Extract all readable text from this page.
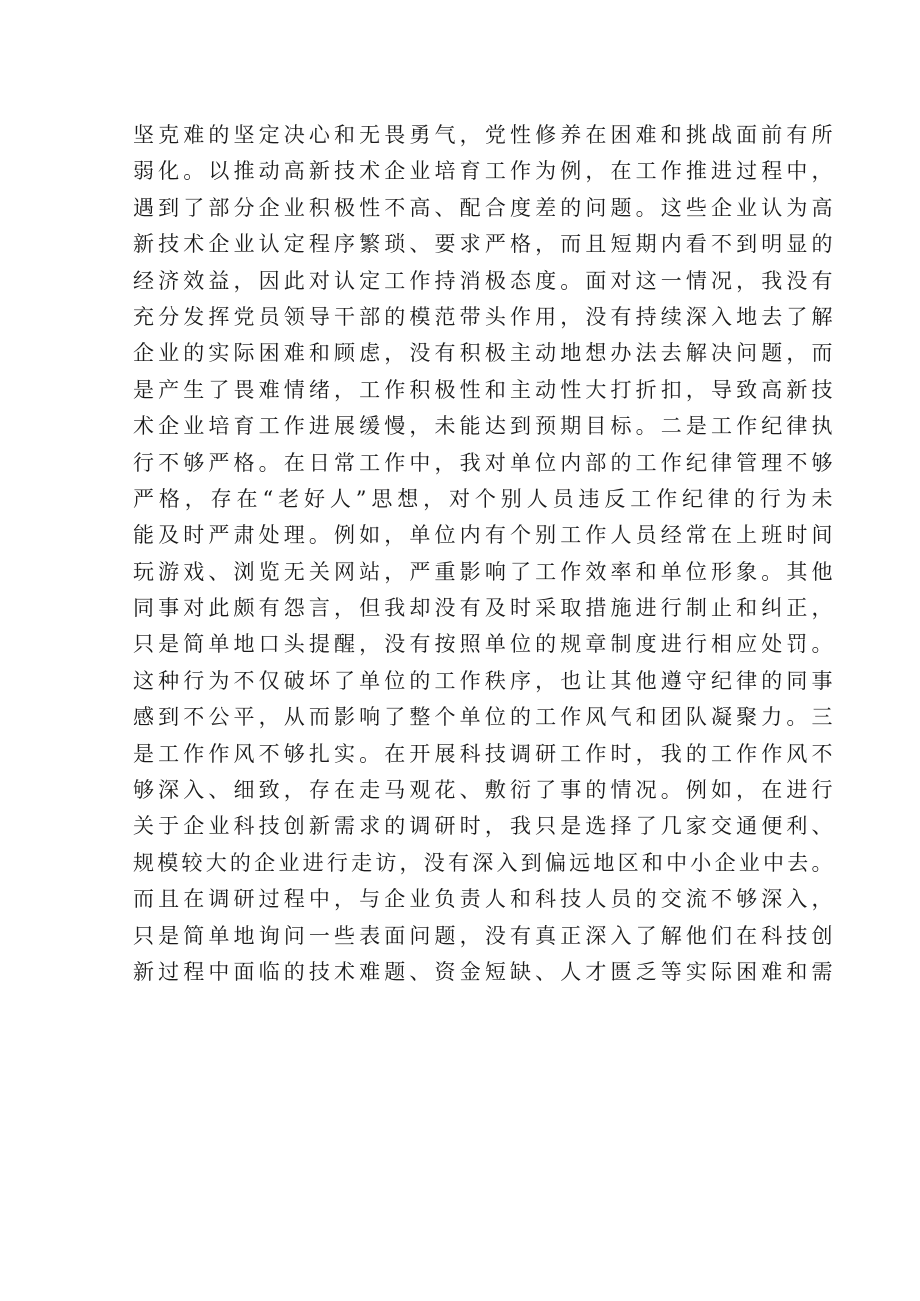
坚克难的坚定决心和无畏勇气，党性修养在困难和挑战面前有所
弱化。以推动高新技术企业培育工作为例，在工作推进过程中，
遇到了部分企业积极性不高、配合度差的问题。这些企业认为高
新技术企业认定程序繁琐、要求严格，而且短期内看不到明显的
经济效益，因此对认定工作持消极态度。面对这一情况，我没有
充分发挥党员领导干部的模范带头作用，没有持续深入地去了解
企业的实际困难和顾虑，没有积极主动地想办法去解决问题，而
是产生了畏难情绪，工作积极性和主动性大打折扣，导致高新技
术企业培育工作进展缓慢，未能达到预期目标。二是工作纪律执
行不够严格。在日常工作中，我对单位内部的工作纪律管理不够
严格，存在“老好人”思想，对个别人员违反工作纪律的行为未
能及时严肃处理。例如，单位内有个别工作人员经常在上班时间
玩游戏、浏览无关网站，严重影响了工作效率和单位形象。其他
同事对此颇有怨言，但我却没有及时采取措施进行制止和纠正，
只是简单地口头提醒，没有按照单位的规章制度进行相应处罚。
这种行为不仅破坏了单位的工作秩序，也让其他遵守纪律的同事
感到不公平，从而影响了整个单位的工作风气和团队凝聚力。三
是工作作风不够扎实。在开展科技调研工作时，我的工作作风不
够深入、细致，存在走马观花、敷衍了事的情况。例如，在进行
关于企业科技创新需求的调研时，我只是选择了几家交通便利、
规模较大的企业进行走访，没有深入到偏远地区和中小企业中去。
而且在调研过程中，与企业负责人和科技人员的交流不够深入，
只是简单地询问一些表面问题，没有真正深入了解他们在科技创
新过程中面临的技术难题、资金短缺、人才匮乏等实际困难和需
